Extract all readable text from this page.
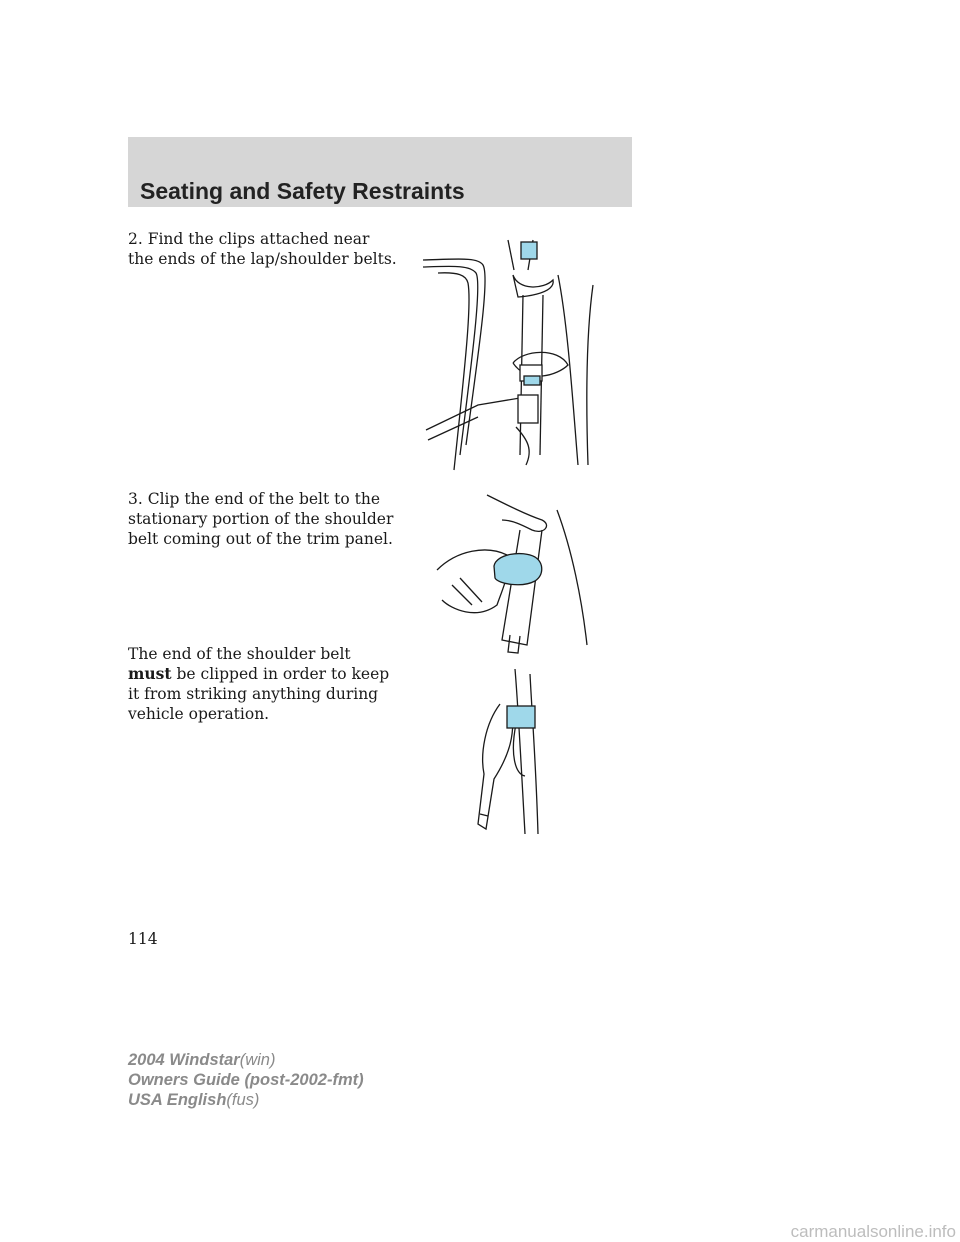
Seating and Safety Restraints

2. Find the clips attached near the ends of the lap/shoulder belts.

3. Clip the end of the belt to the stationary portion of the shoulder belt coming out of the trim panel.

The end of the shoulder belt must be clipped in order to keep it from striking anything during vehicle operation.

114
2004 Windstar(win)
Owners Guide (post-2002-fmt)
USA English(fus)
carmanualsonline.info
